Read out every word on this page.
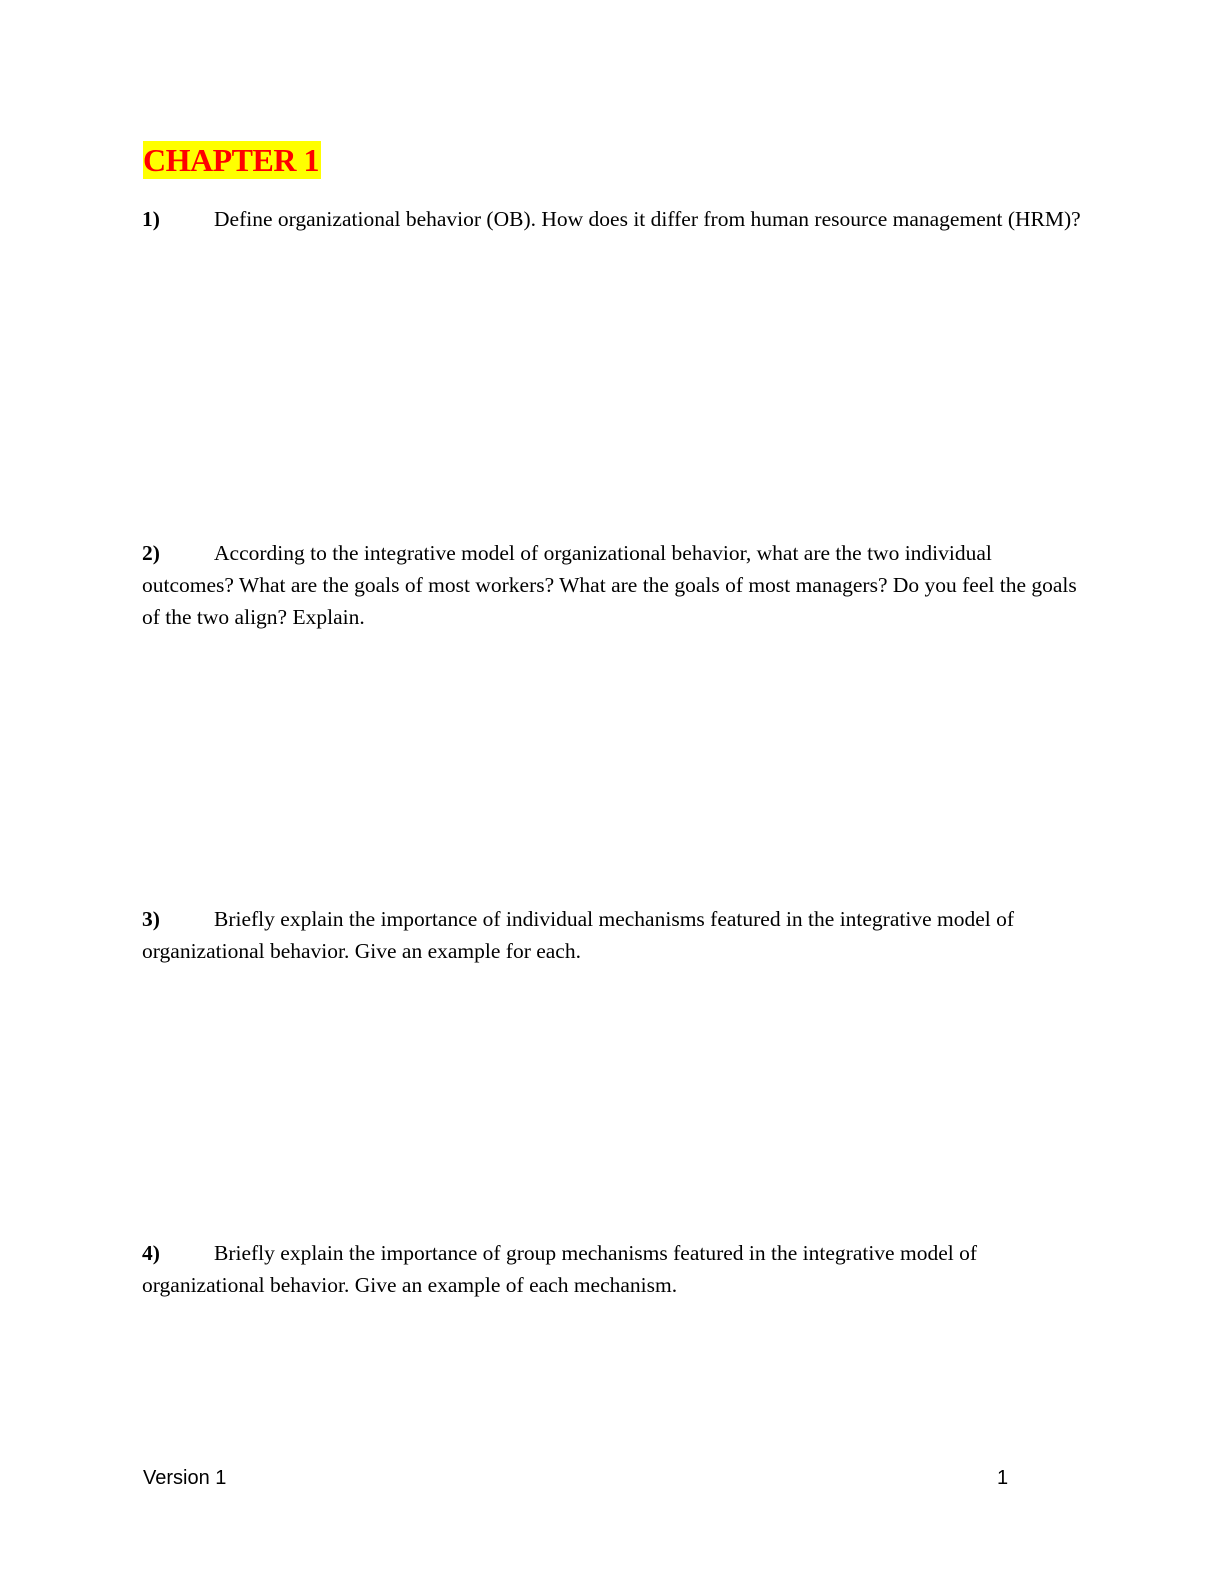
CHAPTER 1

1)	Define organizational behavior (OB). How does it differ from human resource management (HRM)?

2)	According to the integrative model of organizational behavior, what are the two individual outcomes? What are the goals of most workers? What are the goals of most managers? Do you feel the goals of the two align? Explain.

3)	Briefly explain the importance of individual mechanisms featured in the integrative model of organizational behavior. Give an example for each.

4)	Briefly explain the importance of group mechanisms featured in the integrative model of organizational behavior. Give an example of each mechanism.

Version 1	1
